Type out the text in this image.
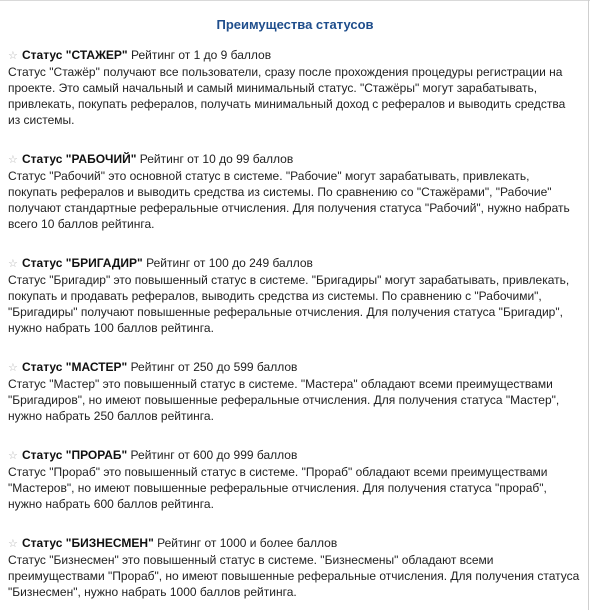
Преимущества статусов
☆ Статус "СТАЖЕР" Рейтинг от 1 до 9 баллов

Статус "Стажёр" получают все пользователи, сразу после прохождения процедуры регистрации на проекте. Это самый начальный и самый минимальный статус. "Стажёры" могут зарабатывать, привлекать, покупать рефералов, получать минимальный доход с рефералов и выводить средства из системы.

☆ Статус "РАБОЧИЙ" Рейтинг от 10 до 99 баллов

Статус "Рабочий" это основной статус в системе. "Рабочие" могут зарабатывать, привлекать, покупать рефералов и выводить средства из системы. По сравнению со "Стажёрами", "Рабочие" получают стандартные реферальные отчисления. Для получения статуса "Рабочий", нужно набрать всего 10 баллов рейтинга.

☆ Статус "БРИГАДИР" Рейтинг от 100 до 249 баллов

Статус "Бригадир" это повышенный статус в системе. "Бригадиры" могут зарабатывать, привлекать, покупать и продавать рефералов, выводить средства из системы. По сравнению с "Рабочими", "Бригадиры" получают повышенные реферальные отчисления. Для получения статуса "Бригадир", нужно набрать 100 баллов рейтинга.

☆ Статус "МАСТЕР" Рейтинг от 250 до 599 баллов

Статус "Мастер" это повышенный статус в системе. "Мастера" обладают всеми преимуществами "Бригадиров", но имеют повышенные реферальные отчисления. Для получения статуса "Мастер", нужно набрать 250 баллов рейтинга.

☆ Статус "ПРОРАБ" Рейтинг от 600 до 999 баллов

Статус "Прораб" это повышенный статус в системе. "Прораб" обладают всеми преимуществами "Мастеров", но имеют повышенные реферальные отчисления. Для получения статуса "прораб", нужно набрать 600 баллов рейтинга.

☆ Статус "БИЗНЕСМЕН" Рейтинг от 1000 и более баллов

Статус "Бизнесмен" это повышенный статус в системе. "Бизнесмены" обладают всеми преимуществами "Прораб", но имеют повышенные реферальные отчисления. Для получения статуса "Бизнесмен", нужно набрать 1000 баллов рейтинга.
